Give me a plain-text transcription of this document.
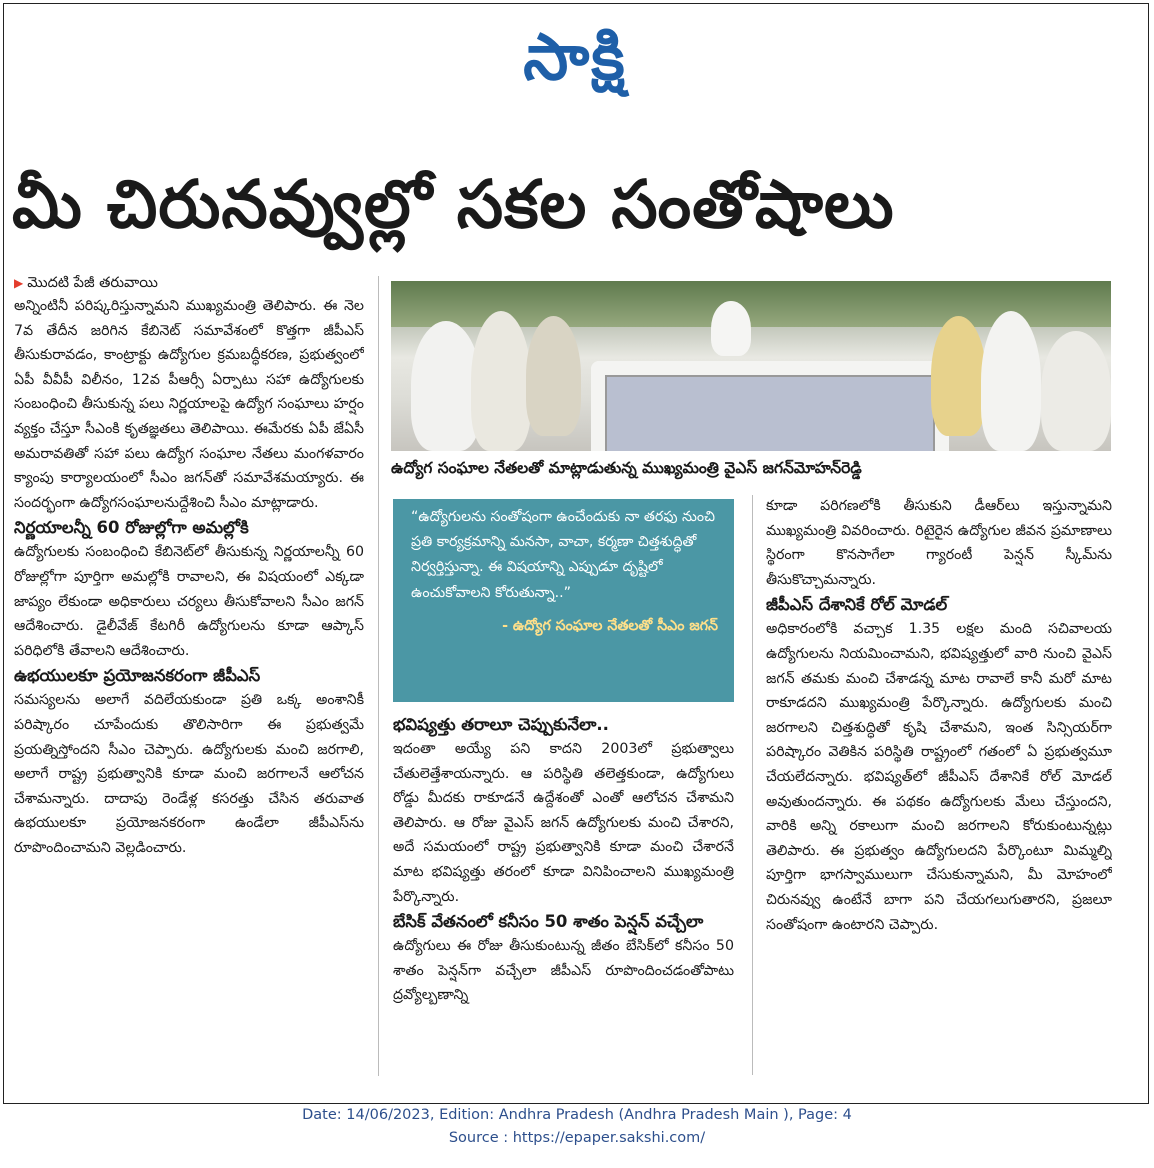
సాక్షి
మీ చిరునవ్వుల్లో సకల సంతోషాలు

▶ మొదటి పేజీ తరువాయి

అన్నింటినీ పరిష్కరిస్తున్నామని ముఖ్యమంత్రి తెలిపారు. ఈ నెల 7వ తేదీన జరిగిన కేబినెట్‌ సమావేశంలో కొత్తగా జీపీఎస్‌ తీసుకురావడం, కాంట్రాక్టు ఉద్యోగుల క్రమబద్ధీకరణ, ప్రభుత్వంలో ఏపీ వీవీపీ విలీనం, 12వ పీఆర్సీ ఏర్పాటు సహా ఉద్యోగులకు సంబంధించి తీసుకున్న పలు నిర్ణయాలపై ఉద్యోగ సంఘాలు హర్షం వ్యక్తం చేస్తూ సీఎంకి కృతజ్ఞతలు తెలిపాయి. ఈమేరకు ఏపీ జేఏసీ అమరావతితో సహా పలు ఉద్యోగ సంఘాల నేతలు మంగళవారం క్యాంపు కార్యాలయంలో సీఎం జగన్‌తో సమావేశమయ్యారు. ఈ సందర్భంగా ఉద్యోగసంఘాలనుద్దేశించి సీఎం మాట్లాడారు.

నిర్ణయాలన్నీ 60 రోజుల్లోగా అమల్లోకి

ఉద్యోగులకు సంబంధించి కేబినెట్‌లో తీసుకున్న నిర్ణయాలన్నీ 60 రోజుల్లోగా పూర్తిగా అమల్లోకి రావాలని, ఈ విషయంలో ఎక్కడా జాప్యం లేకుండా అధికారులు చర్యలు తీసుకోవాలని సీఎం జగన్‌ ఆదేశించారు. డైలీవేజ్‌ కేటగిరీ ఉద్యోగులను కూడా ఆప్కాస్‌ పరిధిలోకి తేవాలని ఆదేశించారు.

ఉభయులకూ ప్రయోజనకరంగా జీపీఎస్‌

సమస్యలను అలాగే వదిలేయకుండా ప్రతి ఒక్క అంశానికీ పరిష్కారం చూపేందుకు తొలిసారిగా ఈ ప్రభుత్వమే ప్రయత్నిస్తోందని సీఎం చెప్పారు. ఉద్యోగులకు మంచి జరగాలి, అలాగే రాష్ట్ర ప్రభుత్వానికి కూడా మంచి జరగాలనే ఆలోచన చేశామన్నారు. దాదాపు రెండేళ్ల కసరత్తు చేసిన తరువాత ఉభయులకూ ప్రయోజనకరంగా ఉండేలా జీపీఎస్‌ను రూపొందించామని వెల్లడించారు.

ఉద్యోగ సంఘాల నేతలతో మాట్లాడుతున్న ముఖ్యమంత్రి వైఎస్‌ జగన్‌మోహన్‌రెడ్డి

“ఉద్యోగులను సంతోషంగా ఉంచేందుకు నా తరఫు నుంచి ప్రతి కార్యక్రమాన్ని మనసా, వాచా, కర్మణా చిత్తశుద్ధితో నిర్వర్తిస్తున్నా. ఈ విషయాన్ని ఎప్పుడూ దృష్టిలో ఉంచుకోవాలని కోరుతున్నా..”

- ఉద్యోగ సంఘాల నేతలతో సీఎం జగన్‌

భవిష్యత్తు తరాలూ చెప్పుకునేలా..

ఇదంతా అయ్యే పని కాదని 2003లో ప్రభుత్వాలు చేతులెత్తేశాయన్నారు. ఆ పరిస్థితి తలెత్తకుండా, ఉద్యోగులు రోడ్డు మీదకు రాకూడనే ఉద్దేశంతో ఎంతో ఆలోచన చేశామని తెలిపారు. ఆ రోజు వైఎస్‌ జగన్‌ ఉద్యోగులకు మంచి చేశారని, అదే సమయంలో రాష్ట్ర ప్రభుత్వానికి కూడా మంచి చేశారనే మాట భవిష్యత్తు తరంలో కూడా వినిపించాలని ముఖ్యమంత్రి పేర్కొన్నారు.

బేసిక్‌ వేతనంలో కనీసం 50 శాతం పెన్షన్‌ వచ్చేలా

ఉద్యోగులు ఈ రోజు తీసుకుంటున్న జీతం బేసిక్‌లో కనీసం 50 శాతం పెన్షన్‌గా వచ్చేలా జీపీఎస్‌ రూపొందించడంతోపాటు ద్రవ్యోల్బణాన్ని

కూడా పరిగణలోకి తీసుకుని డీఆర్‌లు ఇస్తున్నామని ముఖ్యమంత్రి వివరించారు. రిటైరైన ఉద్యోగుల జీవన ప్రమాణాలు స్థిరంగా కొనసాగేలా గ్యారంటీ పెన్షన్‌ స్కీమ్‌ను తీసుకొచ్చామన్నారు.

జీపీఎస్‌ దేశానికే రోల్‌ మోడల్‌

అధికారంలోకి వచ్చాక 1.35 లక్షల మంది సచివాలయ ఉద్యోగులను నియమించామని, భవిష్యత్తులో వారి నుంచి వైఎస్‌ జగన్‌ తమకు మంచి చేశాడన్న మాట రావాలే కానీ మరో మాట రాకూడదని ముఖ్యమంత్రి పేర్కొన్నారు. ఉద్యోగులకు మంచి జరగాలని చిత్తశుద్ధితో కృషి చేశామని, ఇంత సిన్సియర్‌గా పరిష్కారం వెతికిన పరిస్థితి రాష్ట్రంలో గతంలో ఏ ప్రభుత్వమూ చేయలేదన్నారు. భవిష్యత్‌లో జీపీఎస్‌ దేశానికే రోల్‌ మోడల్‌ అవుతుందన్నారు. ఈ పథకం ఉద్యోగులకు మేలు చేస్తుందని, వారికి అన్ని రకాలుగా మంచి జరగాలని కోరుకుంటున్నట్లు తెలిపారు. ఈ ప్రభుత్వం ఉద్యోగులదని పేర్కొంటూ మిమ్మల్ని పూర్తిగా భాగస్వాములుగా చేసుకున్నామని, మీ మోహంలో చిరునవ్వు ఉంటేనే బాగా పని చేయగలుగుతారని, ప్రజలూ సంతోషంగా ఉంటారని చెప్పారు.

Date: 14/06/2023, Edition: Andhra Pradesh (Andhra Pradesh Main ), Page: 4
Source : https://epaper.sakshi.com/
